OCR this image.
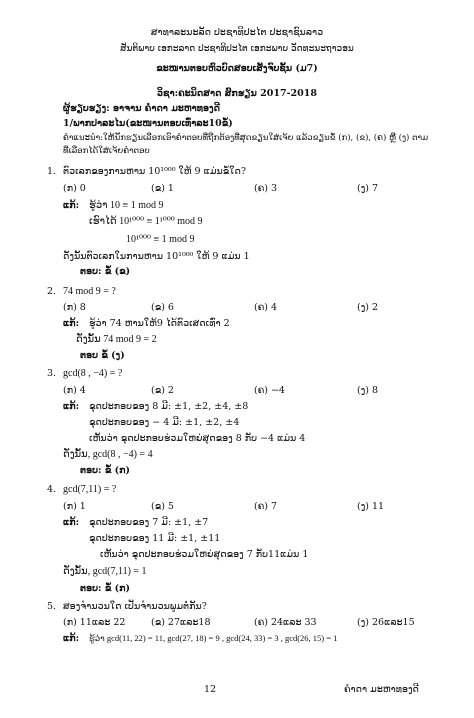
ສາທາລະນະລັດ ປະຊາທິປະໄຕ ປະຊາຊົນລາວ
ສັນຕິພາບ ເອກະລາດ ປະຊາທິປະໄຕ ເອກະພາບ ວັດທະນະຖາວອນ
ຂະໜານຕອບຫົວບົດສອບເສັງຈົບຊັ້ນ (ມ7)
ວິຊາ:ຄະນິດສາດ ສົກຮຽນ 2017-2018
ຜູ້ຮຽບຮຽງ: ອາຈານ ຄຳດາ ມະຫາທອງດີ
1/ພາກປາລະໄນ(ຂະໜານຕອບເທົ່າລະ10ຂໍ້)
ຄຳແນະນຳ:ໃຫ້ນັກຮຽນເລືອກເອົາຄຳຕອບທີ່ຖືກຕ້ອງທີ່ສຸດຂຽນໃສ່ເຈ້ຍ ແລ້ວຂຽນຂໍ້ (ກ), (ຂ), (ຄ) ຫຼື (ງ) ຕາມ
ທີ່ເລືອກໄດ້ໃສ່ເຈ້ຍຄຳຕອບ
1. ຕົວເລກຂອງການຫານ 10¹⁰⁰⁰ ໃຫ້ 9 ແມ່ນຂໍ້ໃດ?
(ກ) 0	(ຂ) 1	(ຄ) 3	(ງ) 7
ແກ້: ຮູ້ວ່າ 10 ≡ 1 mod 9
ເຮົາໄດ້ 10¹⁰⁰⁰ ≡ 1¹⁰⁰⁰ mod 9
10¹⁰⁰⁰ ≡ 1 mod 9
ດັ່ງນັ້ນຕົວເລກໃນການຫານ 10¹⁰⁰⁰ ໃຫ້ 9 ແມ່ນ 1
ຕອບ: ຂໍ້ (ຂ)
2. 74 mod 9 = ?
(ກ) 8	(ຂ) 6	(ຄ) 4	(ງ) 2
ແກ້: ຮູ້ວ່າ 74 ຫານໃຫ້9 ໄດ້ຕົວເສດເທົ່າ 2
ດັ່ງນັ້ນ 74 mod 9 = 2
ຕອບ ຂໍ້ (ງ)
3. gcd(8 , −4) = ?
(ກ) 4	(ຂ) 2	(ຄ) −4	(ງ) 8
ແກ້: ຂຸດປະກອບຂອງ 8 ມີ: ±1, ±2, ±4, ±8
ຂຸດປະກອບຂອງ − 4 ມີ: ±1, ±2, ±4
ເຫັນວ່າ ຂຸດປະກອບຮ່ວມໃຫຍ່ສຸດຂອງ 8 ກັບ −4 ແມ່ນ 4
ດັ່ງນັ້ນ, gcd(8 , −4) = 4
ຕອບ: ຂໍ້ (ກ)
4. gcd(7,11) = ?
(ກ) 1	(ຂ) 5	(ຄ) 7	(ງ) 11
ແກ້: ຂຸດປະກອບຂອງ 7 ມີ: ±1, ±7
ຂຸດປະກອບຂອງ 11 ມີ: ±1, ±11
ເຫັນວ່າ ຂຸດປະກອບຮ່ວມໃຫຍ່ສຸດຂອງ 7 ກັບ11ແມ່ນ 1
ດັ່ງນັ້ນ, gcd(7,11) = 1
ຕອບ: ຂໍ້ (ກ)
5. ສອງຈຳນວນໃດ ເປັນຈຳນວນພູມຕໍ່ກັນ?
(ກ) 11ແລະ 22	(ຂ) 27ແລະ18	(ຄ) 24ແລະ 33	(ງ) 26ແລະ15
ແກ້: ຮູ້ວ່າ gcd(11, 22) = 11, gcd(27, 18) = 9 , gcd(24, 33) = 3 , gcd(26, 15) = 1
12	ຄຳດາ ມະຫາທອງດີ
